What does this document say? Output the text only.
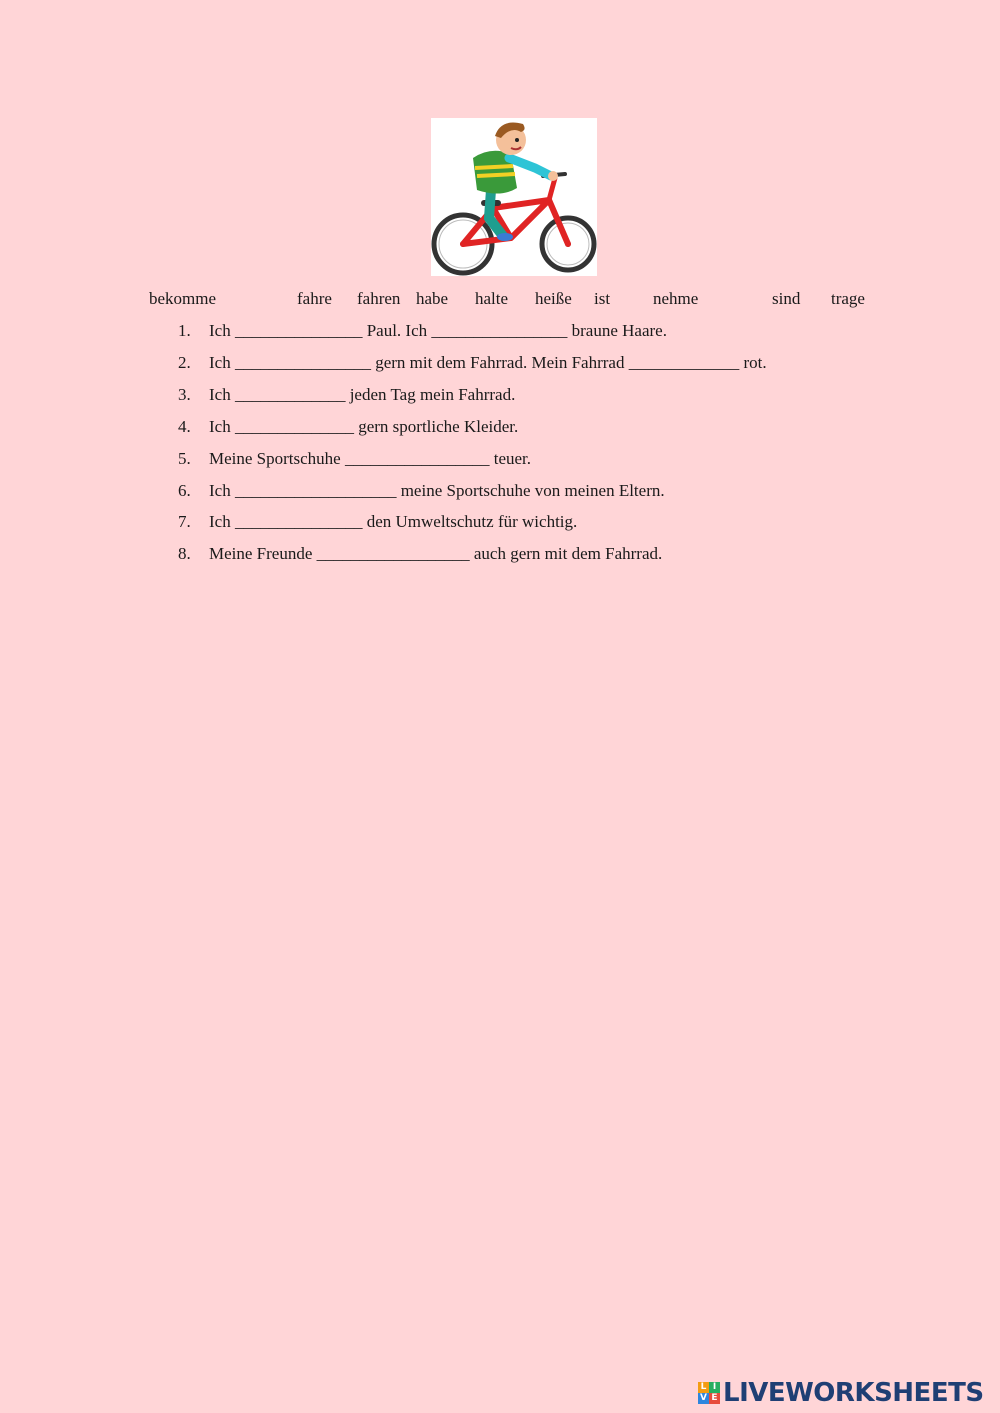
bekomme	fahre fahren habe halte heiße ist	nehme	sind trage
1. Ich _______________ Paul. Ich ________________ braune Haare.
2. Ich ________________ gern mit dem Fahrrad. Mein Fahrrad _____________ rot.
3. Ich _____________ jeden Tag mein Fahrrad.
4. Ich ______________ gern sportliche Kleider.
5. Meine Sportschuhe _________________ teuer.
6. Ich ___________________ meine Sportschuhe von meinen Eltern.
7. Ich _______________ den Umweltschutz für wichtig.
8. Meine Freunde __________________ auch gern mit dem Fahrrad.
L I
V E LIVEWORKSHEETS
